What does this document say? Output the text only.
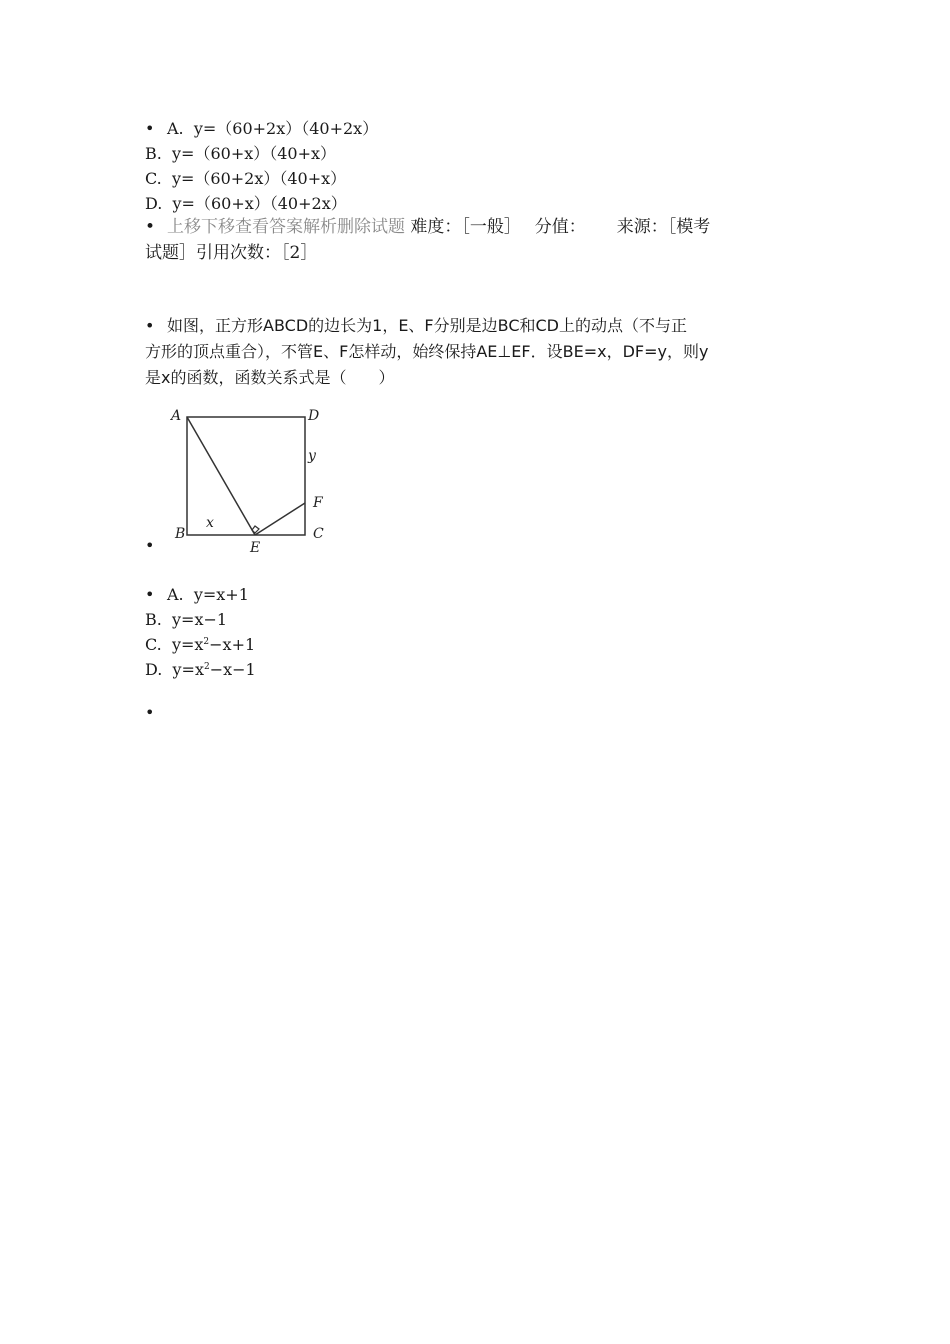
• A. y=（60+2x）（40+2x）
B. y=（60+x）（40+x）
C. y=（60+2x）（40+x）
D. y=（60+x）（40+2x）
• 上移下移查看答案解析删除试题 难度：［一般］　 分值：　　 来源：［模考
试题］引用次数：［2］
• 如图，正方形ABCD的边长为1，E、F分别是边BC和CD上的动点（不与正
方形的顶点重合），不管E、F怎样动，始终保持AE⊥EF．设BE=x，DF=y，则y
是x的函数，函数关系式是（　　）
A	D
y
F
x
B	C
E
•
• A. y=x+1
B. y=x−1
C. $y=x^2-x+1$
D. $y=x^2-x-1$
•
